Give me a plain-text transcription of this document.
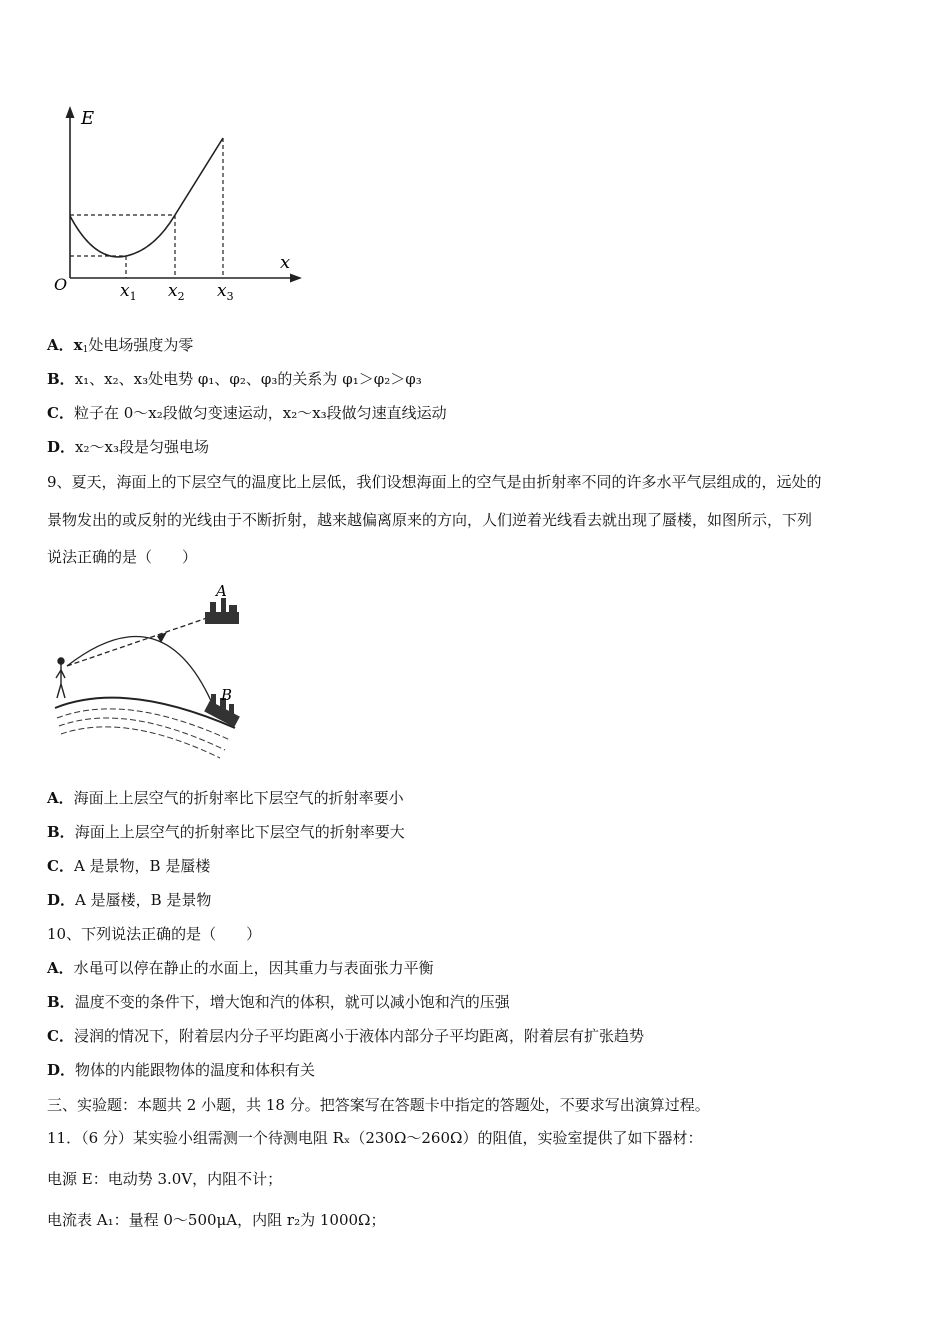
E
x
O	$x_1$ $x_2$ $x_3$
A．$x_1$处电场强度为零
B．x₁、x₂、x₃处电势 φ₁、φ₂、φ₃的关系为 φ₁＞φ₂＞φ₃
C．粒子在 0～x₂段做匀变速运动，x₂～x₃段做匀速直线运动
D．x₂～x₃段是匀强电场
9、夏天，海面上的下层空气的温度比上层低，我们设想海面上的空气是由折射率不同的许多水平气层组成的，远处的
景物发出的或反射的光线由于不断折射，越来越偏离原来的方向，人们逆着光线看去就出现了蜃楼，如图所示，下列
说法正确的是（　　）
A
B
A．海面上上层空气的折射率比下层空气的折射率要小
B．海面上上层空气的折射率比下层空气的折射率要大
C．A 是景物，B 是蜃楼
D．A 是蜃楼，B 是景物
10、下列说法正确的是（　　）
A．水黾可以停在静止的水面上，因其重力与表面张力平衡
B．温度不变的条件下，增大饱和汽的体积，就可以减小饱和汽的压强
C．浸润的情况下，附着层内分子平均距离小于液体内部分子平均距离，附着层有扩张趋势
D．物体的内能跟物体的温度和体积有关
三、实验题：本题共 2 小题，共 18 分。把答案写在答题卡中指定的答题处，不要求写出演算过程。
11．（6 分）某实验小组需测一个待测电阻 Rₓ（230Ω～260Ω）的阻值，实验室提供了如下器材：
电源 E：电动势 3.0V，内阻不计；
电流表 A₁：量程 0～500μA，内阻 r₂为 1000Ω；
